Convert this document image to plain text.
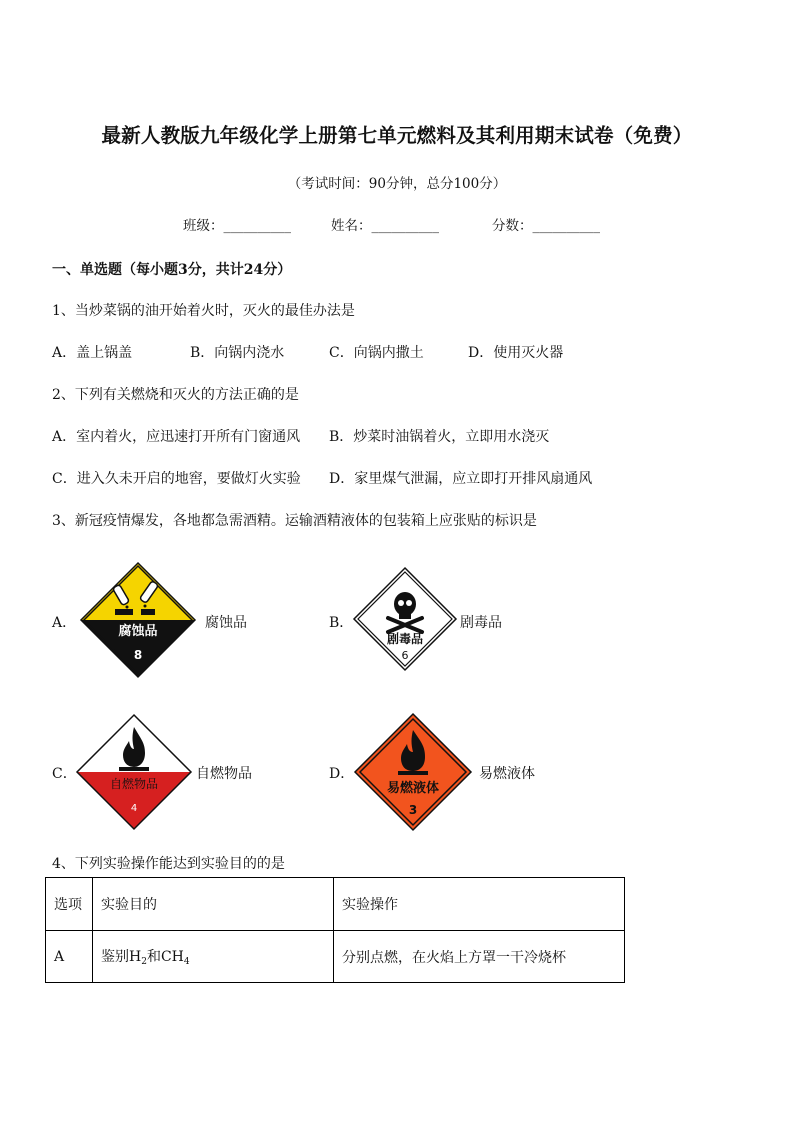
最新人教版九年级化学上册第七单元燃料及其利用期末试卷（免费）
（考试时间：90分钟，总分100分）
班级：__________	姓名：__________	分数：__________
一、单选题（每小题3分，共计24分）
1、当炒菜锅的油开始着火时，灭火的最佳办法是
A．盖上锅盖	B．向锅内浇水	C．向锅内撒土	D．使用灭火器
2、下列有关燃烧和灭火的方法正确的是
A．室内着火，应迅速打开所有门窗通风 B．炒菜时油锅着火，立即用水浇灭
C．进入久未开启的地窖，要做灯火实验 D．家里煤气泄漏，应立即打开排风扇通风
3、新冠疫情爆发，各地都急需酒精。运输酒精液体的包装箱上应张贴的标识是
A．
腐蚀品
8
腐蚀品	B．
剧毒品
6
剧毒品
C．
自燃物品
4
自燃物品	D．
易燃液体
3
易燃液体
4、下列实验操作能达到实验目的的是
选项	实验目的	实验操作
A	鉴别$H_2$和$CH_4$	分别点燃，在火焰上方罩一干冷烧杯
